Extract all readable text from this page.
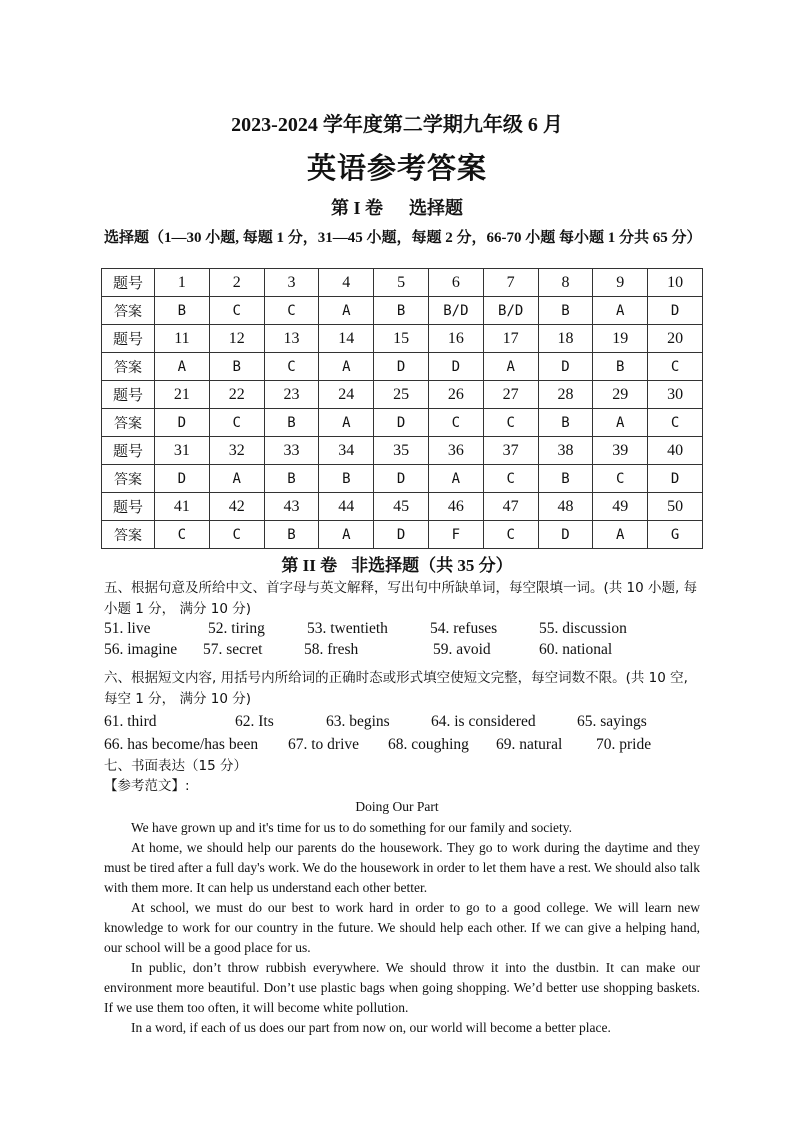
2023-2024 学年度第二学期九年级 6 月
英语参考答案
第 I 卷 选择题
选择题（1—30 小题, 每题 1 分，31—45 小题，每题 2 分，66-70 小题 每小题 1 分共 65 分）
题号	1	2	3	4	5	6	7	8	9	10
答案	B	C	C	A	B	B/D	B/D	B	A	D
题号	11	12	13	14	15	16	17	18	19	20
答案	A	B	C	A	D	D	A	D	B	C
题号	21	22	23	24	25	26	27	28	29	30
答案	D	C	B	A	D	C	C	B	A	C
题号	31	32	33	34	35	36	37	38	39	40
答案	D	A	B	B	D	A	C	B	C	D
题号	41	42	43	44	45	46	47	48	49	50
答案	C	C	B	A	D	F	C	D	A	G
第 II 卷 非选择题（共 35 分）
五、根据句意及所给中文、首字母与英文解释，写出句中所缺单词，每空限填一词。(共 10 小题, 每小题 1 分， 满分 10 分)
51. live	52. tiring	53. twentieth	54. refuses	55. discussion
56. imagine 57. secret	58. fresh	59. avoid	60. national
六、根据短文内容, 用括号内所给词的正确时态或形式填空使短文完整，每空词数不限。(共 10 空, 每空 1 分， 满分 10 分)
61. third	62. Its	63. begins	64. is considered	65. sayings
66. has become/has been 67. to drive 68. coughing 69. natural 70. pride
七、书面表达（15 分）
【参考范文】:
Doing Our Part

We have grown up and it's time for us to do something for our family and society.

At home, we should help our parents do the housework. They go to work during the daytime and they must be tired after a full day's work. We do the housework in order to let them have a rest. We should also talk with them more. It can help us understand each other better.

At school, we must do our best to work hard in order to go to a good college. We will learn new knowledge to work for our country in the future. We should help each other. If we can give a helping hand, our school will be a good place for us.

In public, don’t throw rubbish everywhere. We should throw it into the dustbin. It can make our environment more beautiful. Don’t use plastic bags when going shopping. We’d better use shopping baskets. If we use them too often, it will become white pollution.

In a word, if each of us does our part from now on, our world will become a better place.
